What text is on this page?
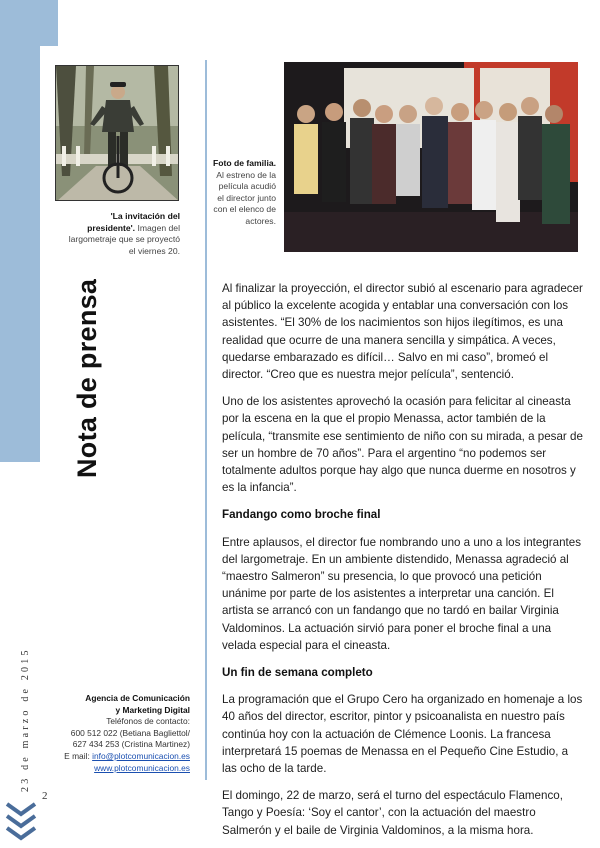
Nota de prensa
23 de marzo de 2015
2
'La invitación del presidente'. Imagen del largometraje que se proyectó el viernes 20.
Foto de familia. Al estreno de la película acudió el director junto con el elenco de actores.
Agencia de Comunicación
y Marketing Digital
Teléfonos de contacto:
600 512 022 (Betiana Bagliettol/
627 434 253 (Cristina Martinez)
E mail: info@plotcomunicacion.es
www.plotcomunicacion.es

Al finalizar la proyección, el director subió al escenario para agradecer al público la excelente acogida y entablar una conversación con los asistentes. “El 30% de los nacimientos son hijos ilegítimos, es una realidad que ocurre de una manera sencilla y simpática. A veces, quedarse embarazado es difícil… Salvo en mi caso”, bromeó el director. “Creo que es nuestra mejor película”, sentenció.

Uno de los asistentes aprovechó la ocasión para felicitar al cineasta por la escena en la que el propio Menassa, actor también de la película, “transmite ese sentimiento de niño con su mirada, a pesar de ser un hombre de 70 años”. Para el argentino “no podemos ser totalmente adultos porque hay algo que nunca duerme en nosotros y es la infancia”.

Fandango como broche final

Entre aplausos, el director fue nombrando uno a uno a los integrantes del largometraje. En un ambiente distendido, Menassa agradeció al “maestro Salmeron” su presencia, lo que provocó una petición unánime por parte de los asistentes a interpretar una canción. El artista se arrancó con un fandango que no tardó en bailar Virginia Valdominos. La actuación sirvió para poner el broche final a una velada especial para el cineasta.

Un fin de semana completo

La programación que el Grupo Cero ha organizado en homenaje a los 40 años del director, escritor, pintor y psicoanalista en nuestro país continúa hoy con la actuación de Clémence Loonis. La francesa interpretará 15 poemas de Menassa en el Pequeño Cine Estudio, a las ocho de la tarde.

El domingo, 22 de marzo, será el turno del espectáculo Flamenco, Tango y Poesía: ‘Soy el cantor’, con la actuación del maestro Salmerón y el baile de Virginia Valdominos, a la misma hora.
